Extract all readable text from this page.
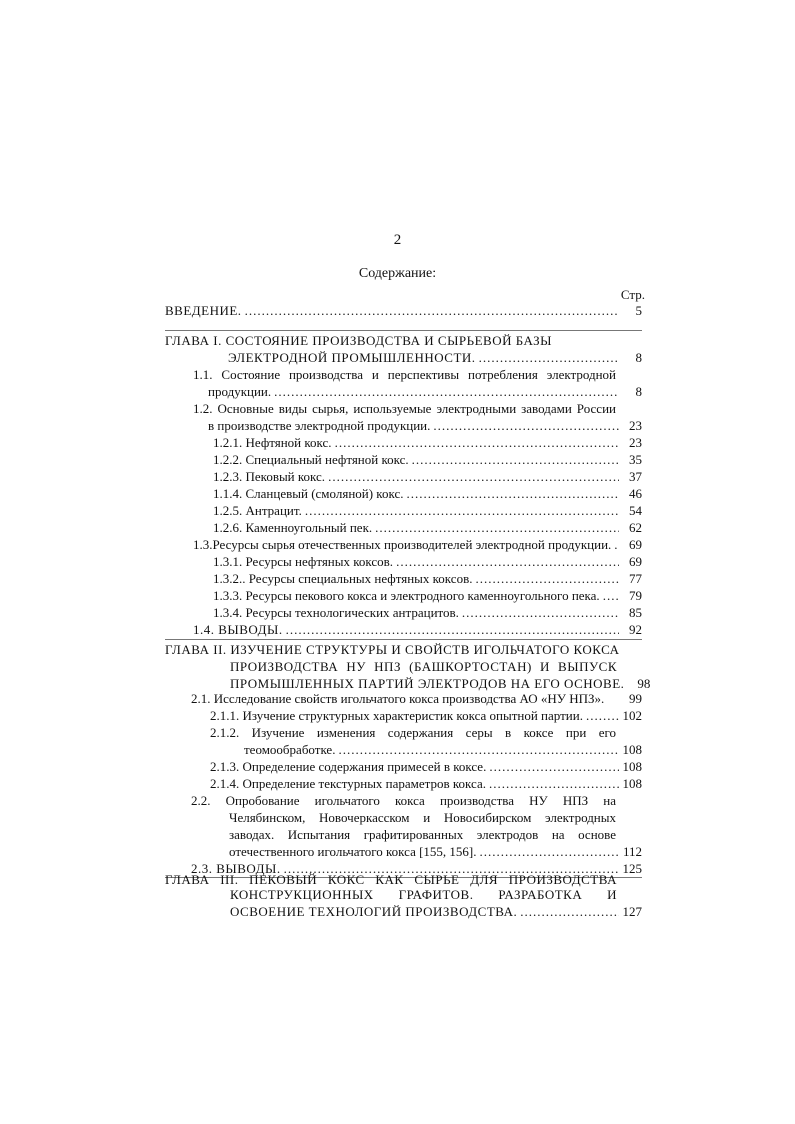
2
Содержание:
Стр.
ВВЕДЕНИЕ. .....	5
ГЛАВА I. СОСТОЯНИЕ ПРОИЗВОДСТВА И СЫРЬЕВОЙ БАЗЫ
ЭЛЕКТРОДНОЙ ПРОМЫШЛЕННОСТИ. .....	8
1.1. Состояние производства и перспективы потребления электродной
продукции. .....	8
1.2. Основные виды сырья, используемые электродными заводами России
в производстве электродной продукции. .....	23
1.2.1. Нефтяной кокс. .....	23
1.2.2. Специальный нефтяной кокс. .....	35
1.2.3. Пековый кокс. .....	37
1.1.4. Сланцевый (смоляной) кокс. .....	46
1.2.5. Антрацит. .....	54
1.2.6. Каменноугольный пек. .....	62
1.3.Ресурсы сырья отечественных производителей электродной продукции. .....	69
1.3.1. Ресурсы нефтяных коксов. .....	69
1.3.2.. Ресурсы специальных нефтяных коксов. .....	77
1.3.3. Ресурсы пекового кокса и электродного каменноугольного пека. .....	79
1.3.4. Ресурсы технологических антрацитов. .....	85
1.4. ВЫВОДЫ. .....	92
ГЛАВА II. ИЗУЧЕНИЕ СТРУКТУРЫ И СВОЙСТВ ИГОЛЬЧАТОГО КОКСА
ПРОИЗВОДСТВА НУ НПЗ (БАШКОРТОСТАН) И ВЫПУСК
ПРОМЫШЛЕННЫХ ПАРТИЙ ЭЛЕКТРОДОВ НА ЕГО ОСНОВЕ.	98
2.1. Исследование свойств игольчатого кокса производства АО «НУ НПЗ».	99
2.1.1. Изучение структурных характеристик кокса опытной партии. .....	102
2.1.2. Изучение изменения содержания серы в коксе при его
теомообработке. .....	108
2.1.3. Определение содержания примесей в коксе. .....	108
2.1.4. Определение текстурных параметров кокса. .....	108
2.2. Опробование игольчатого кокса производства НУ НПЗ на
Челябинском, Новочеркасском и Новосибирском электродных
заводах. Испытания графитированных электродов на основе
отечественного игольчатого кокса [155, 156]. .....	112
2.3. ВЫВОДЫ. .....	125
ГЛАВА III. ПЕКОВЫЙ КОКС КАК СЫРЬЕ ДЛЯ ПРОИЗВОДСТВА
КОНСТРУКЦИОННЫХ ГРАФИТОВ. РАЗРАБОТКА И
ОСВОЕНИЕ ТЕХНОЛОГИЙ ПРОИЗВОДСТВА. .....	127
